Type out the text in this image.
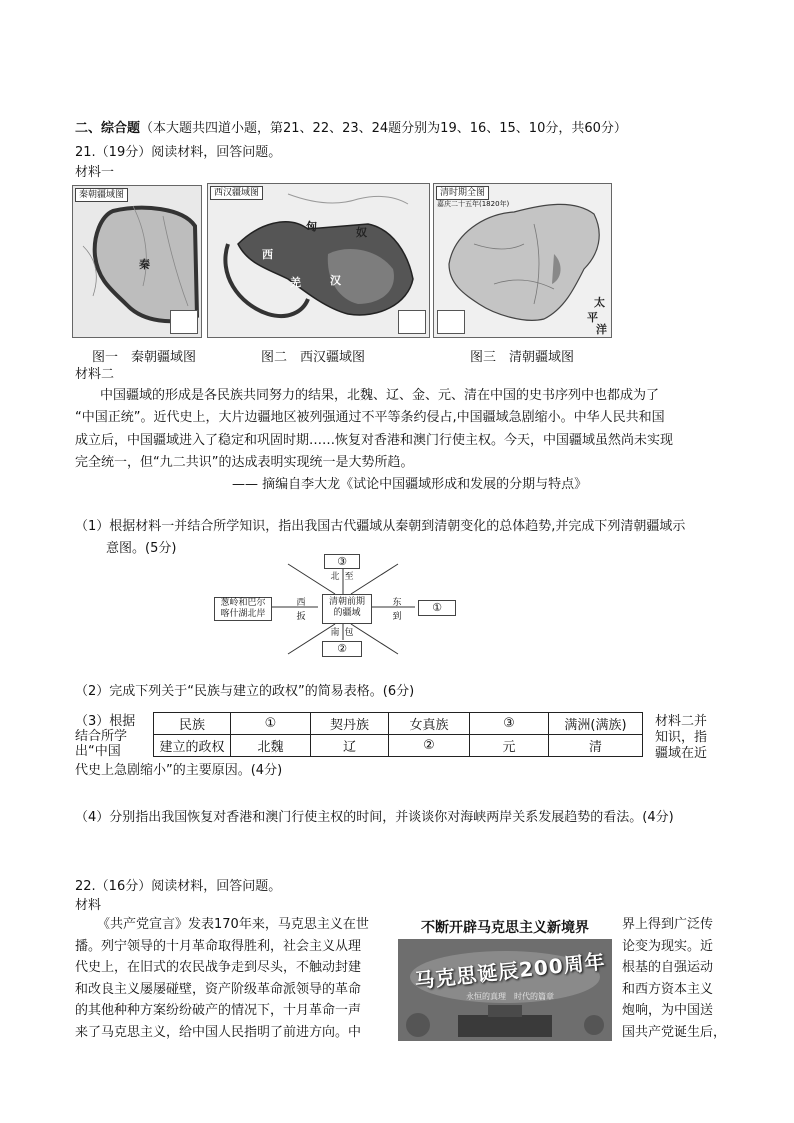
二、综合题（本大题共四道小题，第21、22、23、24题分别为19、16、15、10分，共60分）
21.（19分）阅读材料，回答问题。
材料一
秦朝疆域图
秦
西汉疆域图
匈	奴
西
羌	汉
清时期全图
嘉庆二十五年(1820年)
太
平
洋
图一　秦朝疆域图	图二　西汉疆域图	图三　清朝疆域图
材料二
中国疆域的形成是各民族共同努力的结果，北魏、辽、金、元、清在中国的史书序列中也都成为了
“中国正统”。近代史上，大片边疆地区被列强通过不平等条约侵占,中国疆域急剧缩小。中华人民共和国
成立后，中国疆域进入了稳定和巩固时期……恢复对香港和澳门行使主权。今天，中国疆域虽然尚未实现
完全统一，但“九二共识”的达成表明实现统一是大势所趋。
—— 摘编自李大龙《试论中国疆域形成和发展的分期与特点》
（1）根据材料一并结合所学知识，指出我国古代疆域从秦朝到清朝变化的总体趋势,并完成下列清朝疆域示
意图。(5分)
清朝前期
的疆域
③
北 至
南 包
②
葱岭和巴尔
喀什湖北岸
西
扳
东
到
①
（2）完成下列关于“民族与建立的政权”的简易表格。(6分)
（3）根据
结合所学
出“中国
材料二并
知识，指
疆域在近
代史上急剧缩小”的主要原因。(4分)
民族	①	契丹族	女真族	③	满洲(满族)
建立的政权	北魏	辽	②	元	清
（4）分别指出我国恢复对香港和澳门行使主权的时间，并谈谈你对海峡两岸关系发展趋势的看法。(4分)
22.（16分）阅读材料，回答问题。
材料
《共产党宣言》发表170年来，马克思主义在世
播。列宁领导的十月革命取得胜利，社会主义从理
代史上，在旧式的农民战争走到尽头，不触动封建
和改良主义屡屡碰壁，资产阶级革命派领导的革命
的其他种种方案纷纷破产的情况下，十月革命一声
来了马克思主义，给中国人民指明了前进方向。中
不断开辟马克思主义新境界
马克思诞辰200周年
永恒的真理　时代的篇章
界上得到广泛传
论变为现实。近
根基的自强运动
和西方资本主义
炮响，为中国送
国共产党诞生后，
